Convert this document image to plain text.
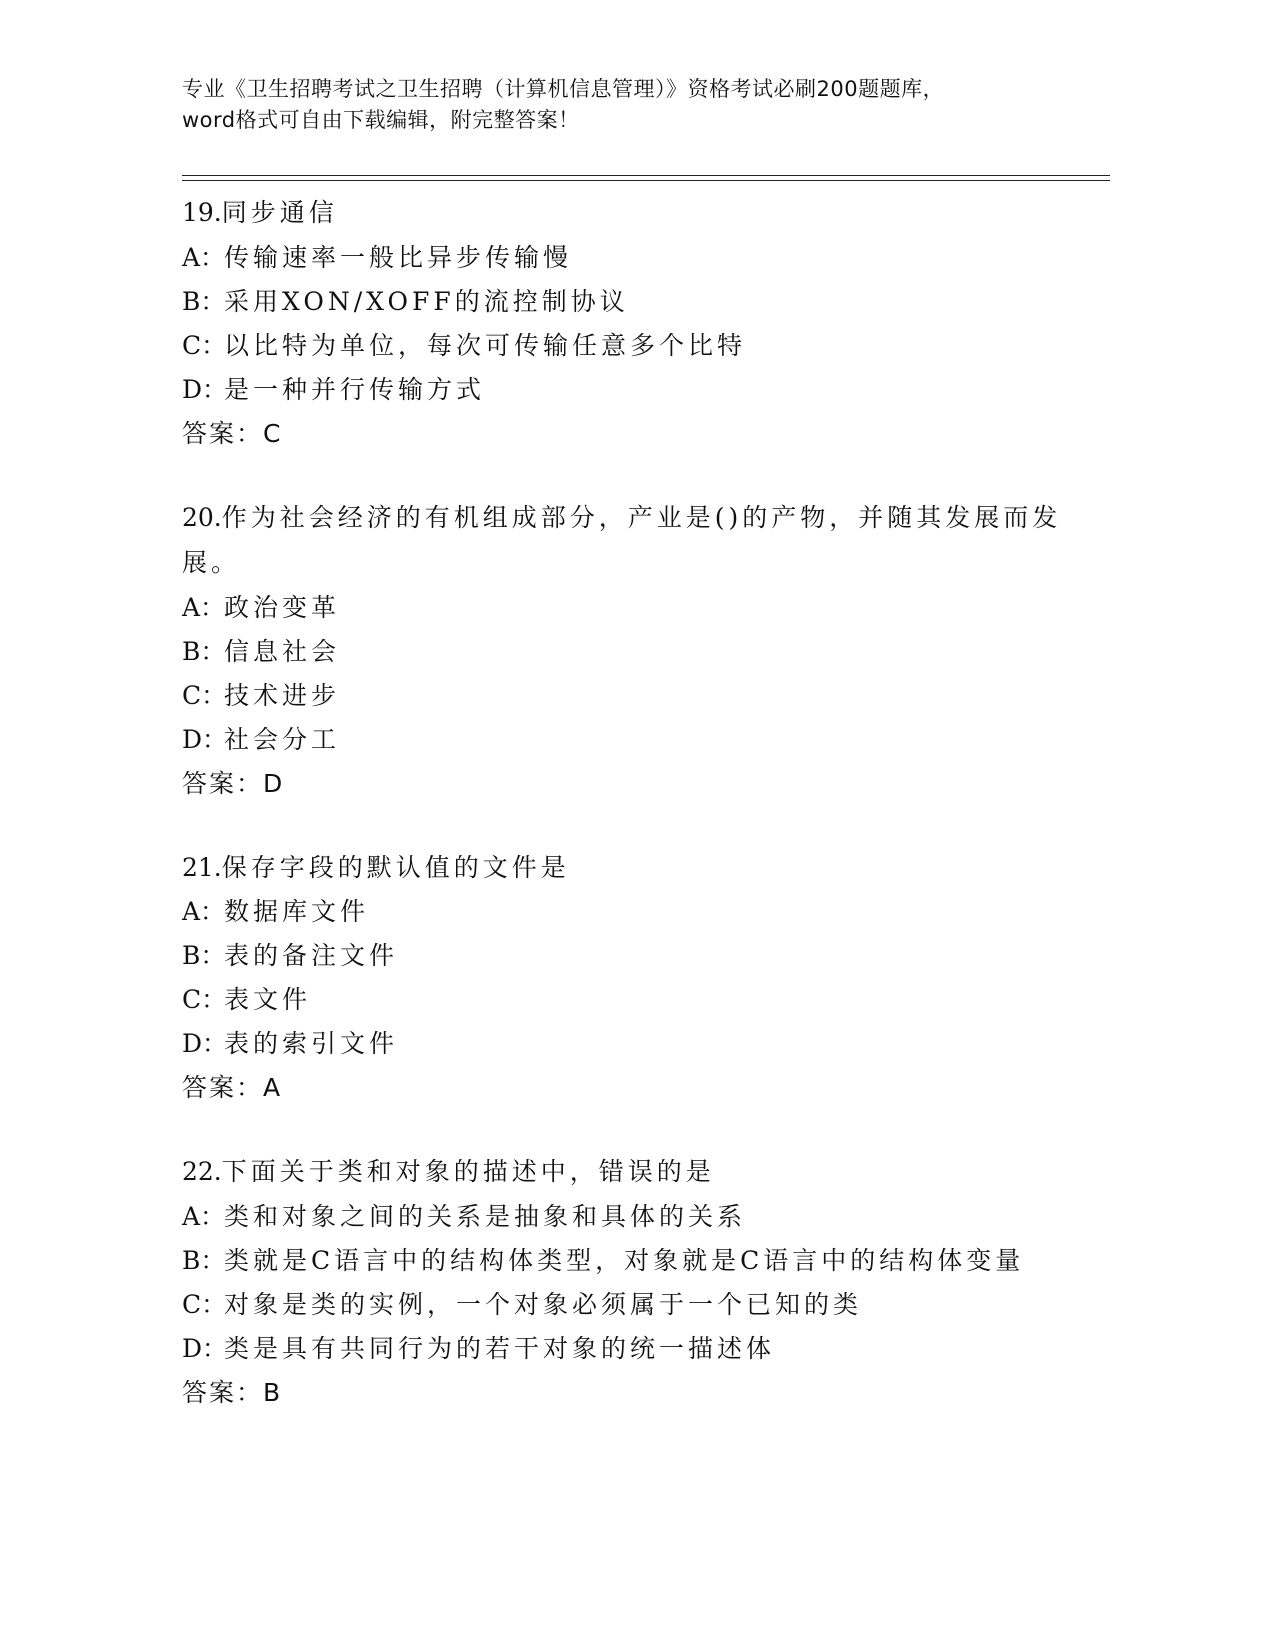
专业《卫生招聘考试之卫生招聘（计算机信息管理）》资格考试必刷200题题库，
word格式可自由下载编辑，附完整答案！
19.同步通信
A：传输速率一般比异步传输慢
B：采用XON/XOFF的流控制协议
C：以比特为单位，每次可传输任意多个比特
D：是一种并行传输方式
答案：C
20.作为社会经济的有机组成部分，产业是()的产物，并随其发展而发展。
A：政治变革
B：信息社会
C：技术进步
D：社会分工
答案：D
21.保存字段的默认值的文件是
A：数据库文件
B：表的备注文件
C：表文件
D：表的索引文件
答案：A
22.下面关于类和对象的描述中，错误的是
A：类和对象之间的关系是抽象和具体的关系
B：类就是C语言中的结构体类型，对象就是C语言中的结构体变量
C：对象是类的实例，一个对象必须属于一个已知的类
D：类是具有共同行为的若干对象的统一描述体
答案：B
